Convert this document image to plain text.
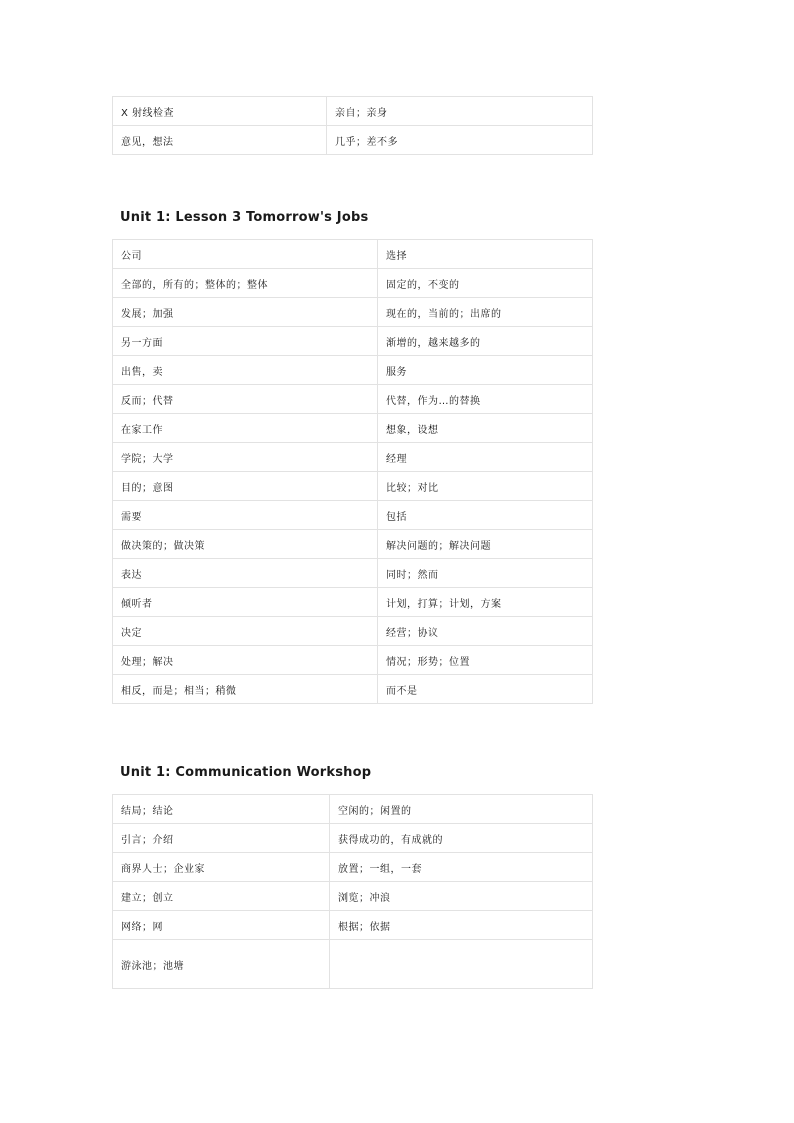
X 射线检查	亲自；亲身
意见，想法	几乎；差不多
Unit 1: Lesson 3 Tomorrow's Jobs
公司	选择
全部的，所有的；整体的；整体	固定的，不变的
发展；加强	现在的，当前的；出席的
另一方面	渐增的，越来越多的
出售，卖	服务
反而；代替	代替，作为…的替换
在家工作	想象，设想
学院；大学	经理
目的；意图	比较；对比
需要	包括
做决策的；做决策	解决问题的；解决问题
表达	同时；然而
倾听者	计划，打算；计划，方案
决定	经营；协议
处理；解决	情况；形势；位置
相反，而是；相当；稍微	而不是
Unit 1: Communication Workshop
结局；结论	空闲的；闲置的
引言；介绍	获得成功的，有成就的
商界人士；企业家	放置；一组，一套
建立；创立	浏览；冲浪
网络；网	根据；依据
游泳池；池塘	
